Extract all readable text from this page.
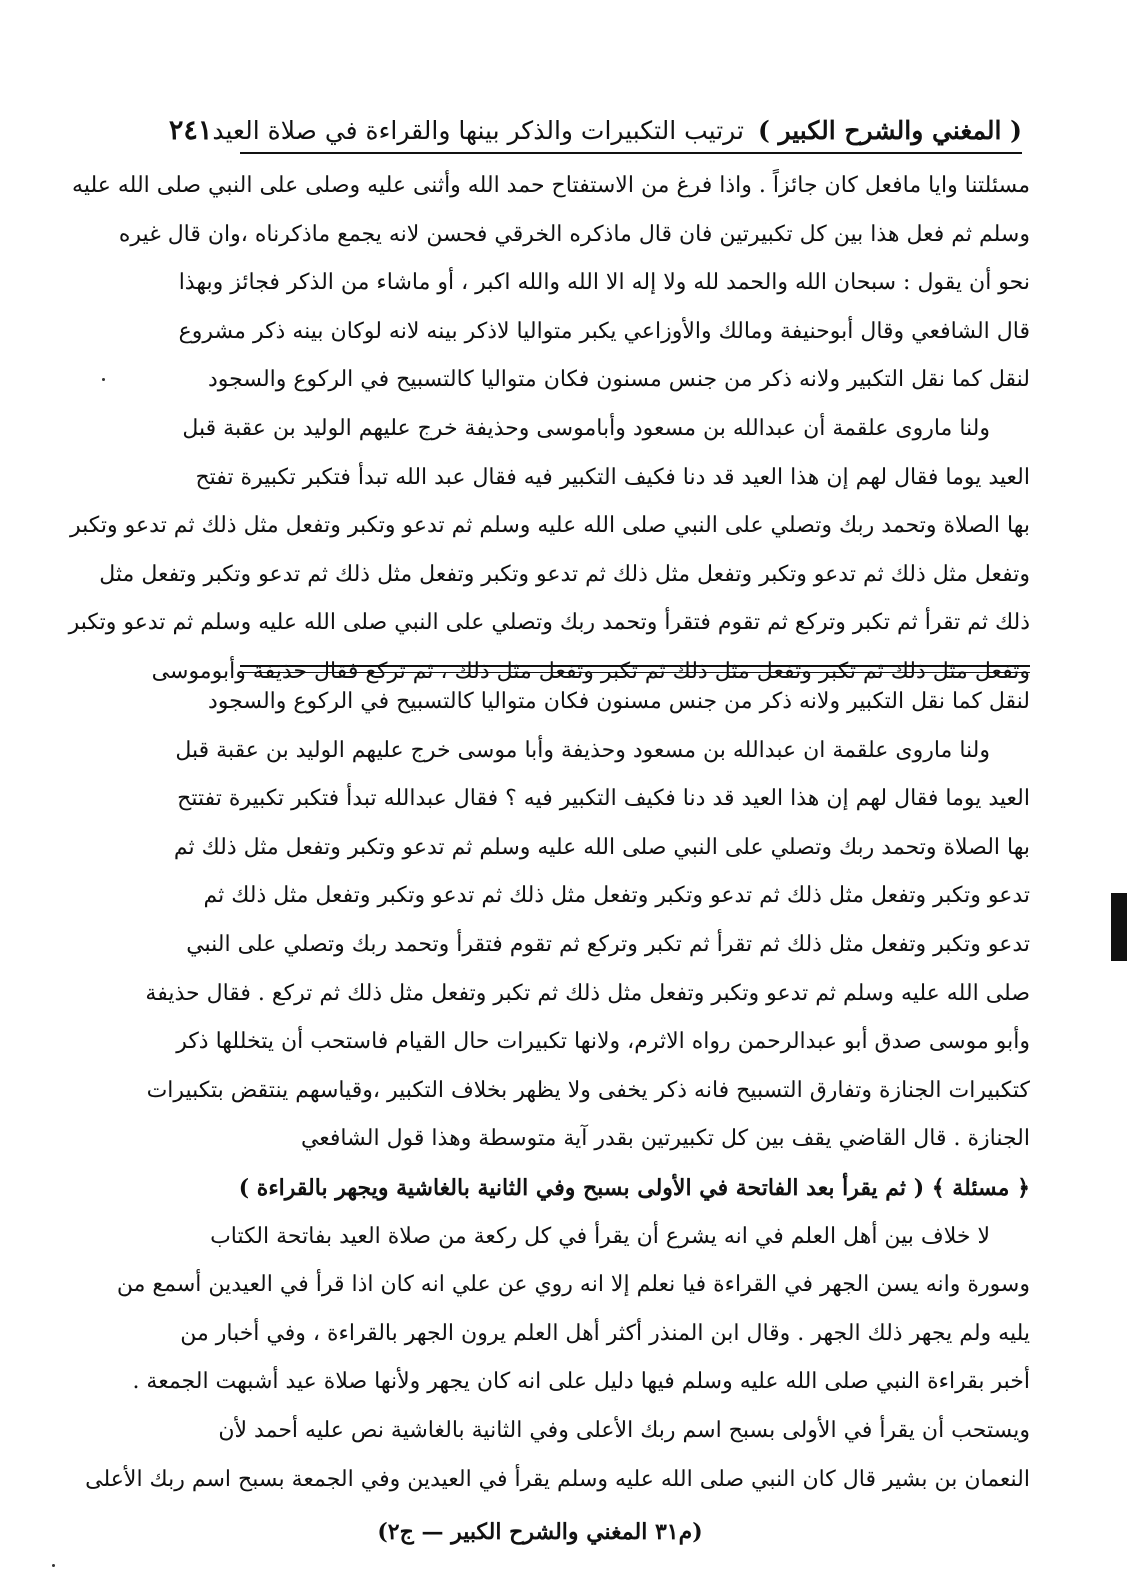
( المغني والشرح الكبير )
ترتيب التكبيرات والذكر بينها والقراءة في صلاة العيد
٢٤١
مسئلتنا وايا مافعل كان جائزاً . واذا فرغ من الاستفتاح حمد الله وأثنى عليه وصلى على النبي صلى الله عليه
وسلم ثم فعل هذا بين كل تكبيرتين فان قال ماذكره الخرقي فحسن لانه يجمع ماذكرناه ،وان قال غيره
نحو أن يقول : سبحان الله والحمد لله ولا إله الا الله والله اكبر ، أو ماشاء من الذكر فجائز وبهذا
قال الشافعي وقال أبوحنيفة ومالك والأوزاعي يكبر متواليا لاذكر بينه لانه لوكان بينه ذكر مشروع
لنقل كما نقل التكبير ولانه ذكر من جنس مسنون فكان متواليا كالتسبيح في الركوع والسجود
ولنا ماروى علقمة أن عبدالله بن مسعود وأباموسى وحذيفة خرج عليهم الوليد بن عقبة قبل
العيد يوما فقال لهم إن هذا العيد قد دنا فكيف التكبير فيه فقال عبد الله تبدأ فتكبر تكبيرة تفتح
بها الصلاة وتحمد ربك وتصلي على النبي صلى الله عليه وسلم ثم تدعو وتكبر وتفعل مثل ذلك ثم تدعو وتكبر
وتفعل مثل ذلك ثم تدعو وتكبر وتفعل مثل ذلك ثم تدعو وتكبر وتفعل مثل ذلك ثم تدعو وتكبر وتفعل مثل
ذلك ثم تقرأ ثم تكبر وتركع ثم تقوم فتقرأ وتحمد ربك وتصلي على النبي صلى الله عليه وسلم ثم تدعو وتكبر
وتفعل مثل ذلك ثم تكبر وتفعل مثل ذلك ثم تكبر وتفعل مثل ذلك ، ثم تركع فقال حذيفة وأبوموسى
لنقل كما نقل التكبير ولانه ذكر من جنس مسنون فكان متواليا كالتسبيح في الركوع والسجود
ولنا ماروى علقمة ان عبدالله بن مسعود وحذيفة وأبا موسى خرج عليهم الوليد بن عقبة قبل
العيد يوما فقال لهم إن هذا العيد قد دنا فكيف التكبير فيه ؟ فقال عبدالله تبدأ فتكبر تكبيرة تفتتح
بها الصلاة وتحمد ربك وتصلي على النبي صلى الله عليه وسلم ثم تدعو وتكبر وتفعل مثل ذلك ثم
تدعو وتكبر وتفعل مثل ذلك ثم تدعو وتكبر وتفعل مثل ذلك ثم تدعو وتكبر وتفعل مثل ذلك ثم
تدعو وتكبر وتفعل مثل ذلك ثم تقرأ ثم تكبر وتركع ثم تقوم فتقرأ وتحمد ربك وتصلي على النبي
صلى الله عليه وسلم ثم تدعو وتكبر وتفعل مثل ذلك ثم تكبر وتفعل مثل ذلك ثم تركع . فقال حذيفة
وأبو موسى صدق أبو عبدالرحمن رواه الاثرم، ولانها تكبيرات حال القيام فاستحب أن يتخللها ذكر
كتكبيرات الجنازة وتفارق التسبيح فانه ذكر يخفى ولا يظهر بخلاف التكبير ،وقياسهم ينتقض بتكبيرات
الجنازة . قال القاضي يقف بين كل تكبيرتين بقدر آية متوسطة وهذا قول الشافعي
﴿ مسئلة ﴾ ( ثم يقرأ بعد الفاتحة في الأولى بسبح وفي الثانية بالغاشية ويجهر بالقراءة )
لا خلاف بين أهل العلم في انه يشرع أن يقرأ في كل ركعة من صلاة العيد بفاتحة الكتاب
وسورة وانه يسن الجهر في القراءة فيا نعلم إلا انه روي عن علي انه كان اذا قرأ في العيدين أسمع من
يليه ولم يجهر ذلك الجهر . وقال ابن المنذر أكثر أهل العلم يرون الجهر بالقراءة ، وفي أخبار من
أخبر بقراءة النبي صلى الله عليه وسلم فيها دليل على انه كان يجهر ولأنها صلاة عيد أشبهت الجمعة .
ويستحب أن يقرأ في الأولى بسبح اسم ربك الأعلى وفي الثانية بالغاشية نص عليه أحمد لأن
النعمان بن بشير قال كان النبي صلى الله عليه وسلم يقرأ في العيدين وفي الجمعة بسبح اسم ربك الأعلى
(م٣١ المغني والشرح الكبير — ج٢)
